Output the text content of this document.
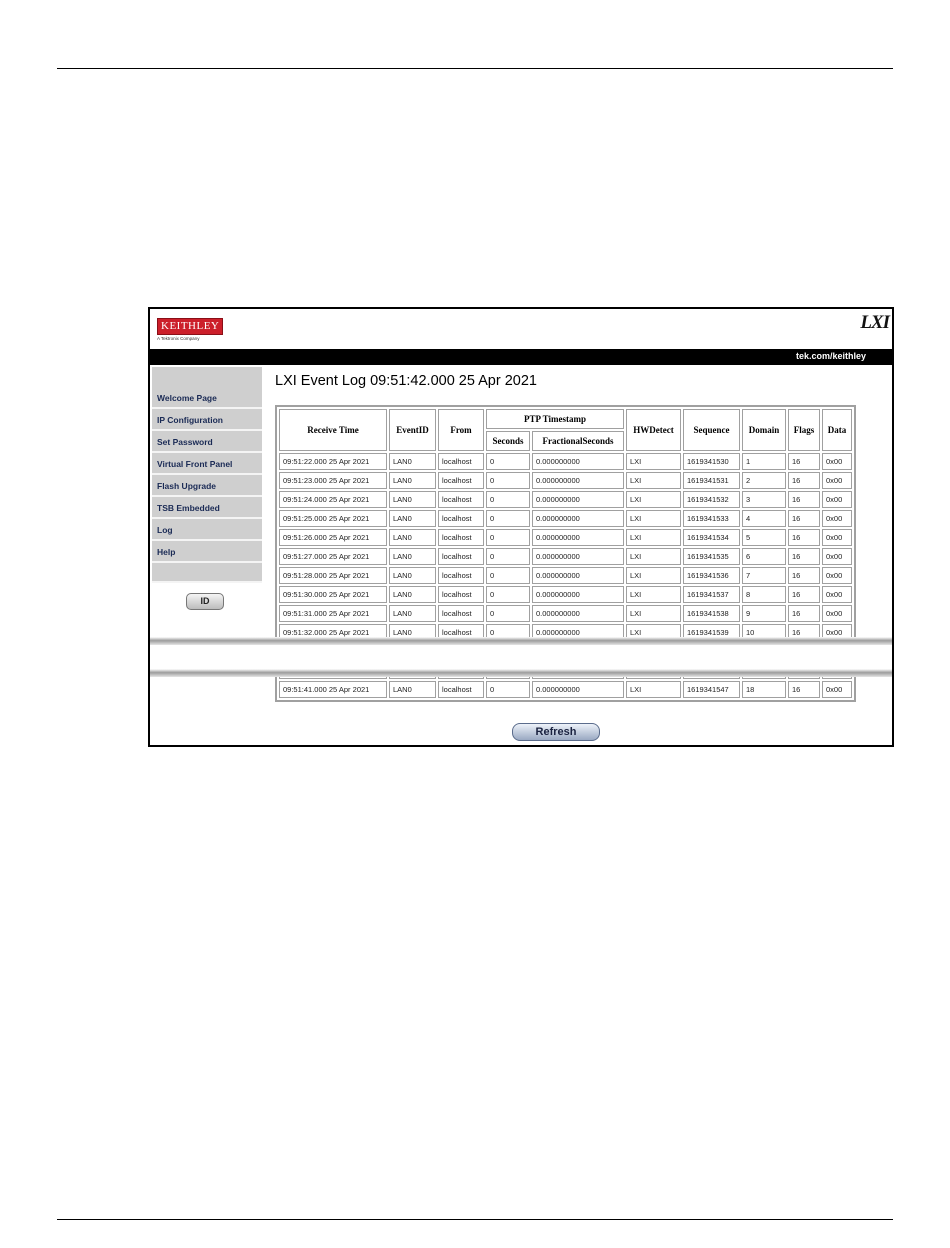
KEITHLEY
A Tektronix Company
LXI
tek.com/keithley
Welcome Page
IP Configuration
Set Password
Virtual Front Panel
Flash Upgrade
TSB Embedded
Log
Help
ID
LXI Event Log 09:51:42.000 25 Apr 2021
Receive Time	EventID	From	PTP Timestamp		HWDetect	Sequence	Domain	Flags	Data
			Seconds	FractionalSeconds					
09:51:22.000 25 Apr 2021	LAN0	localhost	0	0.000000000	LXI	1619341530	1	16	0x00
09:51:23.000 25 Apr 2021	LAN0	localhost	0	0.000000000	LXI	1619341531	2	16	0x00
09:51:24.000 25 Apr 2021	LAN0	localhost	0	0.000000000	LXI	1619341532	3	16	0x00
09:51:25.000 25 Apr 2021	LAN0	localhost	0	0.000000000	LXI	1619341533	4	16	0x00
09:51:26.000 25 Apr 2021	LAN0	localhost	0	0.000000000	LXI	1619341534	5	16	0x00
09:51:27.000 25 Apr 2021	LAN0	localhost	0	0.000000000	LXI	1619341535	6	16	0x00
09:51:28.000 25 Apr 2021	LAN0	localhost	0	0.000000000	LXI	1619341536	7	16	0x00
09:51:30.000 25 Apr 2021	LAN0	localhost	0	0.000000000	LXI	1619341537	8	16	0x00
09:51:31.000 25 Apr 2021	LAN0	localhost	0	0.000000000	LXI	1619341538	9	16	0x00
09:51:32.000 25 Apr 2021	LAN0	localhost	0	0.000000000	LXI	1619341539	10	16	0x00

09:51:41.000 25 Apr 2021	LAN0	localhost	0	0.000000000	LXI	1619341547	18	16	0x00
Refresh
